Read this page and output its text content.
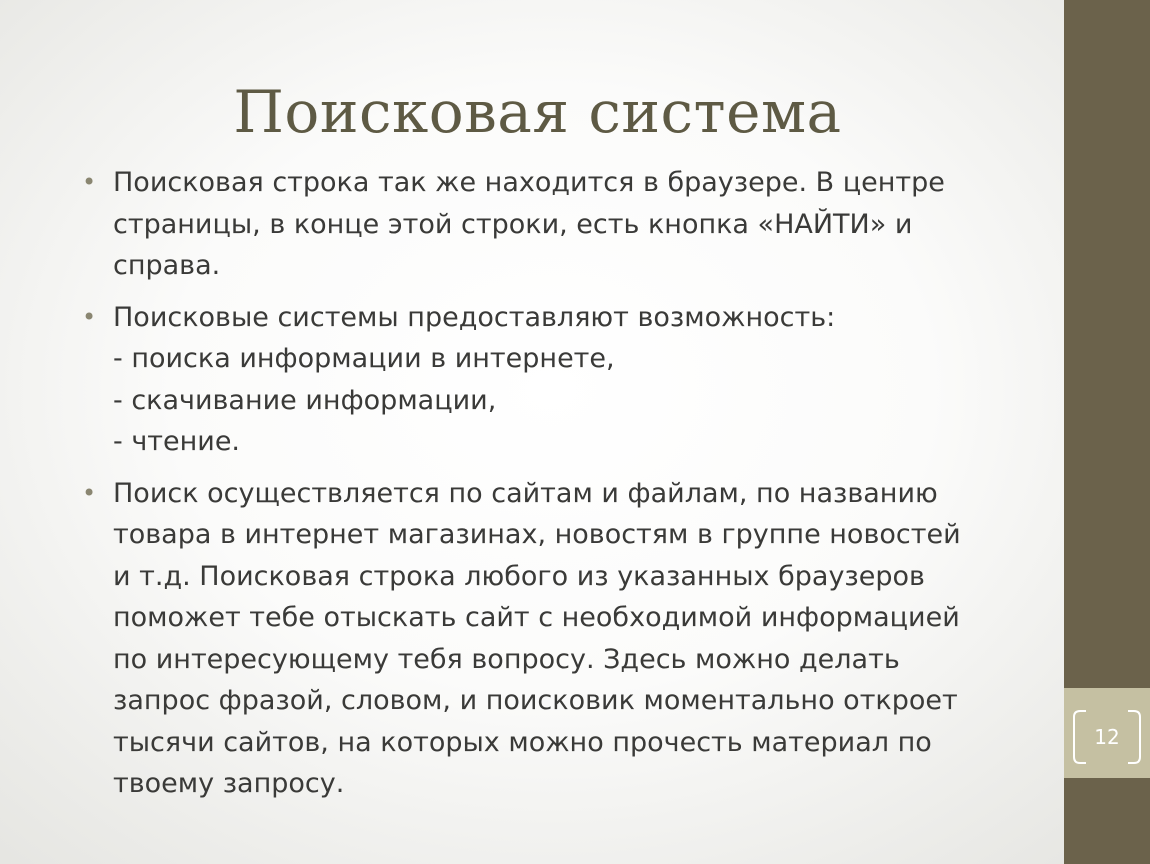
12
Поисковая система
• Поисковая строка так же находится в браузере. В центре
страницы, в конце этой строки, есть кнопка «НАЙТИ» и
справа.
• Поисковые системы предоставляют возможность:
- поиска информации в интернете,
- скачивание информации,
- чтение.
• Поиск осуществляется по сайтам и файлам, по названию
товара в интернет магазинах, новостям в группе новостей
и т.д. Поисковая строка любого из указанных браузеров
поможет тебе отыскать сайт с необходимой информацией
по интересующему тебя вопросу. Здесь можно делать
запрос фразой, словом, и поисковик моментально откроет
тысячи сайтов, на которых можно прочесть материал по
твоему запросу.
